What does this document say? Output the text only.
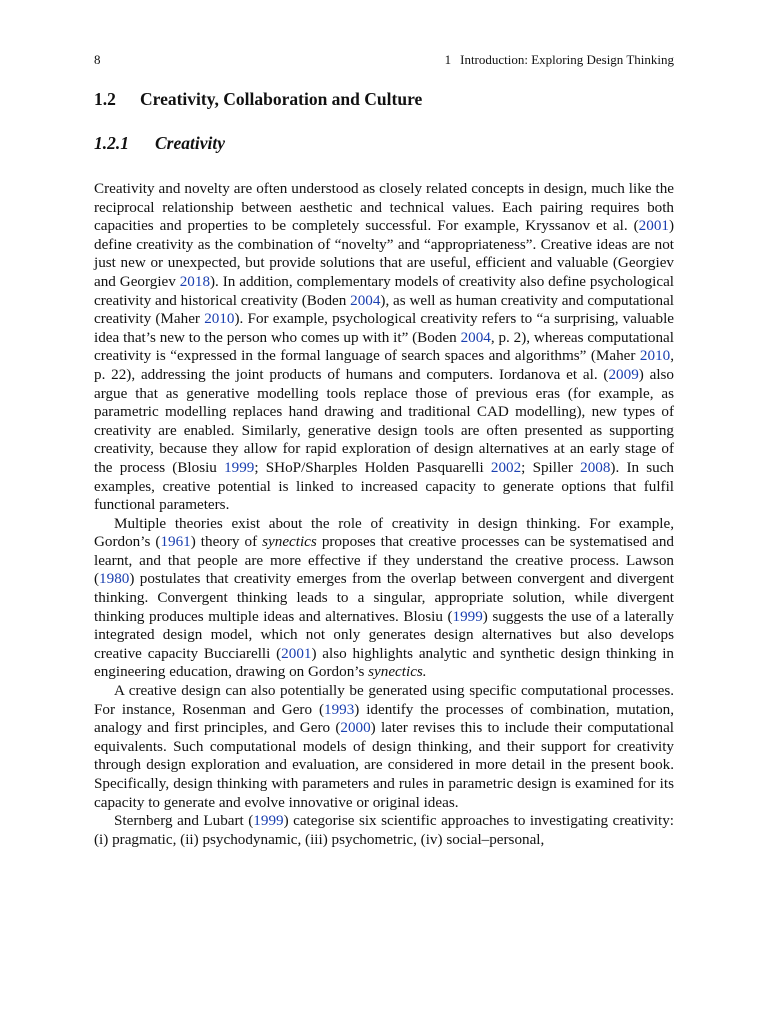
8	1 Introduction: Exploring Design Thinking
1.2 Creativity, Collaboration and Culture
1.2.1 Creativity

Creativity and novelty are often understood as closely related concepts in design, much like the reciprocal relationship between aesthetic and technical values. Each pairing requires both capacities and properties to be completely successful. For example, Kryssanov et al. (2001) define creativity as the combination of “novelty” and “appropriateness”. Creative ideas are not just new or unexpected, but provide solutions that are useful, efficient and valuable (Georgiev and Georgiev 2018). In addition, complementary models of creativity also define psychological creativity and historical creativity (Boden 2004), as well as human creativity and computational creativity (Maher 2010). For example, psychological creativity refers to “a surprising, valuable idea that’s new to the person who comes up with it” (Boden 2004, p. 2), whereas computational creativity is “expressed in the formal language of search spaces and algorithms” (Maher 2010, p. 22), addressing the joint products of humans and computers. Iordanova et al. (2009) also argue that as generative modelling tools replace those of previous eras (for example, as parametric modelling replaces hand drawing and traditional CAD modelling), new types of creativity are enabled. Similarly, generative design tools are often presented as supporting creativity, because they allow for rapid exploration of design alternatives at an early stage of the process (Blosiu 1999; SHoP/Sharples Holden Pasquarelli 2002; Spiller 2008). In such examples, creative potential is linked to increased capacity to generate options that fulfil functional parameters.

Multiple theories exist about the role of creativity in design thinking. For example, Gordon’s (1961) theory of synectics proposes that creative processes can be systematised and learnt, and that people are more effective if they understand the creative process. Lawson (1980) postulates that creativity emerges from the overlap between convergent and divergent thinking. Convergent thinking leads to a singular, appropriate solution, while divergent thinking produces multiple ideas and alternatives. Blosiu (1999) suggests the use of a laterally integrated design model, which not only generates design alternatives but also develops creative capacity Bucciarelli (2001) also highlights analytic and synthetic design thinking in engineering education, drawing on Gordon’s synectics.

A creative design can also potentially be generated using specific computational processes. For instance, Rosenman and Gero (1993) identify the processes of combination, mutation, analogy and first principles, and Gero (2000) later revises this to include their computational equivalents. Such computational models of design thinking, and their support for creativity through design exploration and evaluation, are considered in more detail in the present book. Specifically, design thinking with parameters and rules in parametric design is examined for its capacity to generate and evolve innovative or original ideas.

Sternberg and Lubart (1999) categorise six scientific approaches to investigating creativity: (i) pragmatic, (ii) psychodynamic, (iii) psychometric, (iv) social–personal,
